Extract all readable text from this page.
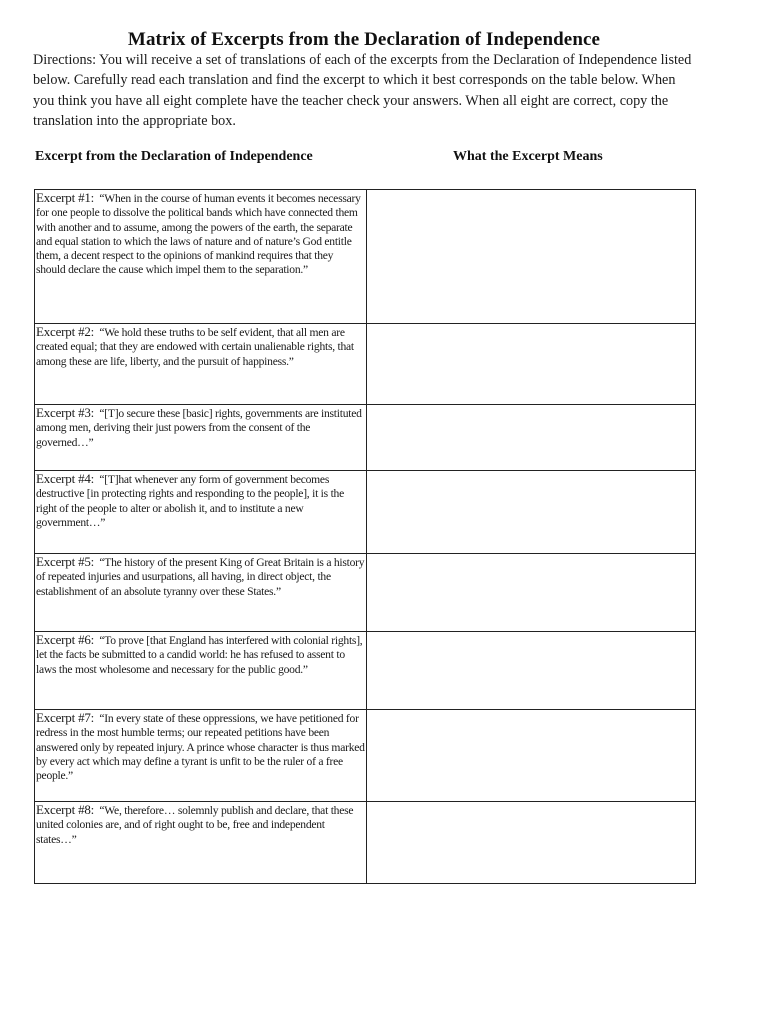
Matrix of Excerpts from the Declaration of Independence
Directions: You will receive a set of translations of each of the excerpts from the Declaration of Independence listed below. Carefully read each translation and find the excerpt to which it best corresponds on the table below. When you think you have all eight complete have the teacher check your answers. When all eight are correct, copy the translation into the appropriate box.
Excerpt from the Declaration of Independence	What the Excerpt Means
Excerpt #1: “When in the course of human events it becomes necessary for one people to dissolve the political bands which have connected them with another and to assume, among the powers of the earth, the separate and equal station to which the laws of nature and of nature’s God entitle them, a decent respect to the opinions of mankind requires that they should declare the cause which impel them to the separation.”	
Excerpt #2: “We hold these truths to be self evident, that all men are created equal; that they are endowed with certain unalienable rights, that among these are life, liberty, and the pursuit of happiness.”	
Excerpt #3: “[T]o secure these [basic] rights, governments are instituted among men, deriving their just powers from the consent of the governed…”	
Excerpt #4: “[T]hat whenever any form of government becomes destructive [in protecting rights and responding to the people], it is the right of the people to alter or abolish it, and to institute a new government…”	
Excerpt #5: “The history of the present King of Great Britain is a history of repeated injuries and usurpations, all having, in direct object, the establishment of an absolute tyranny over these States.”	
Excerpt #6: “To prove [that England has interfered with colonial rights], let the facts be submitted to a candid world: he has refused to assent to laws the most wholesome and necessary for the public good.”	
Excerpt #7: “In every state of these oppressions, we have petitioned for redress in the most humble terms; our repeated petitions have been answered only by repeated injury. A prince whose character is thus marked by every act which may define a tyrant is unfit to be the ruler of a free people.”	
Excerpt #8: “We, therefore… solemnly publish and declare, that these united colonies are, and of right ought to be, free and independent states…”	
